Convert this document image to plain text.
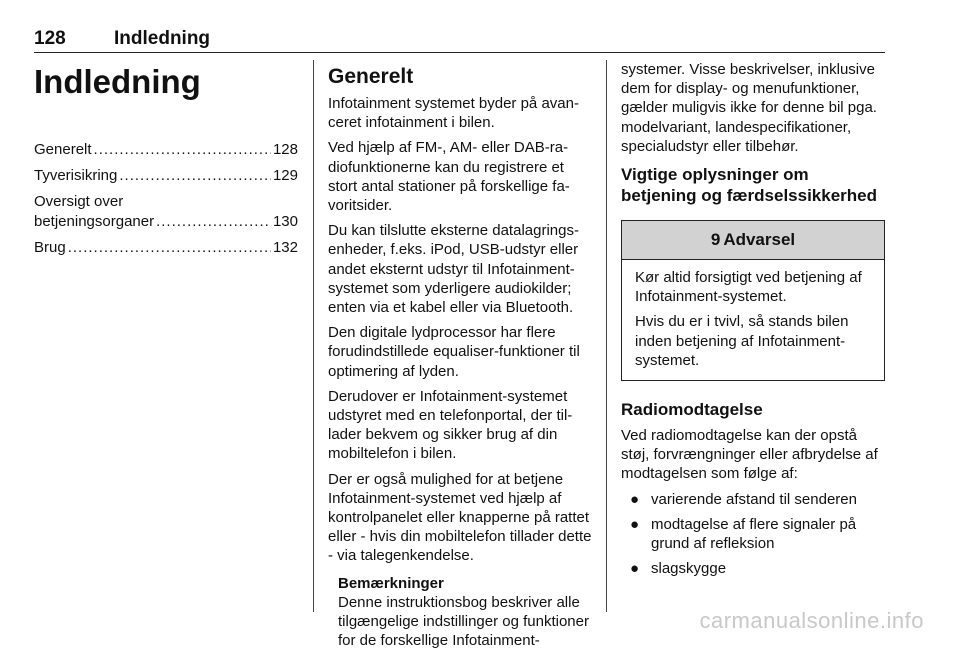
128	Indledning
Indledning
Generelt .....	128
Tyverisikring .....	129
Oversigt over
betjeningsorganer .....	130
Brug .....	132
Generelt

Infotainment systemet byder på avanceret infotainment i bilen.

Ved hjælp af FM-, AM- eller DAB-radiofunktionerne kan du registrere et stort antal stationer på forskellige favoritsider.

Du kan tilslutte eksterne datalagringsenheder, f.eks. iPod, USB-udstyr eller andet eksternt udstyr til Infotainment-systemet som yderligere audiokilder; enten via et kabel eller via Bluetooth.

Den digitale lydprocessor har flere forudindstillede equaliser-funktioner til optimering af lyden.

Derudover er Infotainment-systemet udstyret med en telefonportal, der tillader bekvem og sikker brug af din mobiltelefon i bilen.

Der er også mulighed for at betjene Infotainment-systemet ved hjælp af kontrolpanelet eller knapperne på rattet eller - hvis din mobiltelefon tillader dette - via talegenkendelse.

Bemærkninger

Denne instruktionsbog beskriver alle tilgængelige indstillinger og funktioner for de forskellige Infotainment-

systemer. Visse beskrivelser, inklusive dem for display- og menufunktioner, gælder muligvis ikke for denne bil pga. modelvariant, landespecifikationer, specialudstyr eller tilbehør.

Vigtige oplysninger om betjening og færdselssikkerhed
9 Advarsel

Kør altid forsigtigt ved betjening af Infotainment-systemet.

Hvis du er i tvivl, så stands bilen inden betjening af Infotainment-systemet.

Radiomodtagelse

Ved radiomodtagelse kan der opstå støj, forvrængninger eller afbrydelse af modtagelsen som følge af:

● varierende afstand til senderen
● modtagelse af flere signaler på grund af refleksion
● slagskygge
carmanualsonline.info
